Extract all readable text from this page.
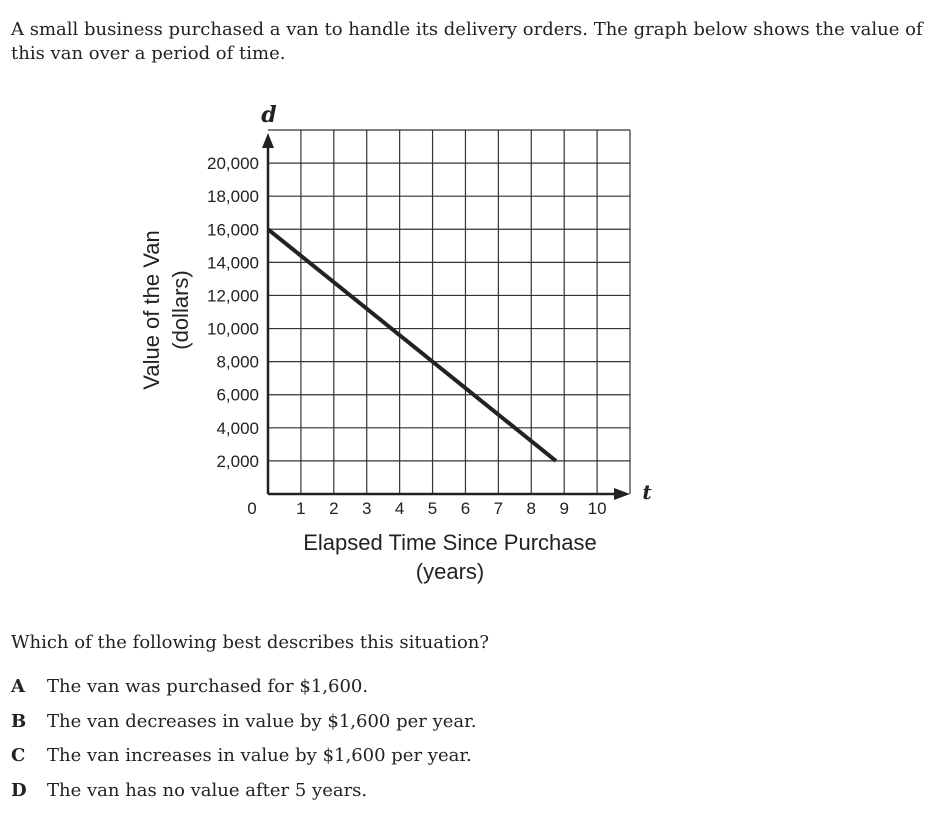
A small business purchased a van to handle its delivery orders. The graph below shows the value of this van over a period of time.

1 2 3 4 5 6 7 8 9 10
2,000
4,000
6,000
8,000
10,000
12,000
14,000
16,000
18,000
20,000
d
t
0
Value of the Van (dollars)
Elapsed Time Since Purchase
(years)

Which of the following best describes this situation?

A	The van was purchased for $1,600.
B	The van decreases in value by $1,600 per year.
C	The van increases in value by $1,600 per year.
D	The van has no value after 5 years.
